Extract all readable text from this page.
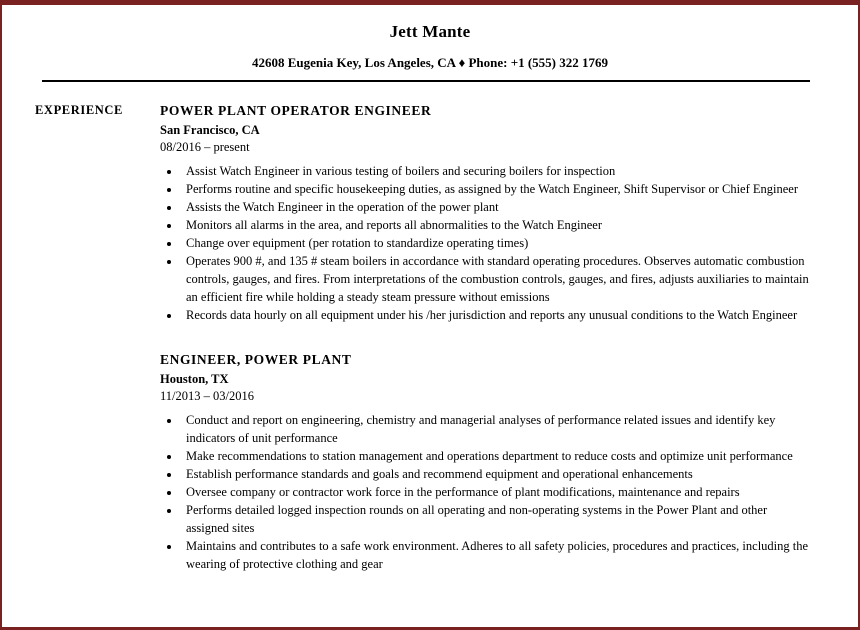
Jett Mante
42608 Eugenia Key, Los Angeles, CA ♦ Phone: +1 (555) 322 1769
EXPERIENCE	POWER PLANT OPERATOR ENGINEER
San Francisco, CA
08/2016 – present
• Assist Watch Engineer in various testing of boilers and securing boilers for inspection
• Performs routine and specific housekeeping duties, as assigned by the Watch Engineer, Shift Supervisor or Chief Engineer
• Assists the Watch Engineer in the operation of the power plant
• Monitors all alarms in the area, and reports all abnormalities to the Watch Engineer
• Change over equipment (per rotation to standardize operating times)
• Operates 900 #, and 135 # steam boilers in accordance with standard operating procedures. Observes automatic combustion controls, gauges, and fires. From interpretations of the combustion controls, gauges, and fires, adjusts auxiliaries to maintain an efficient fire while holding a steady steam pressure without emissions
• Records data hourly on all equipment under his /her jurisdiction and reports any unusual conditions to the Watch Engineer
ENGINEER, POWER PLANT
Houston, TX
11/2013 – 03/2016
• Conduct and report on engineering, chemistry and managerial analyses of performance related issues and identify key indicators of unit performance
• Make recommendations to station management and operations department to reduce costs and optimize unit performance
• Establish performance standards and goals and recommend equipment and operational enhancements
• Oversee company or contractor work force in the performance of plant modifications, maintenance and repairs
• Performs detailed logged inspection rounds on all operating and non-operating systems in the Power Plant and other assigned sites
• Maintains and contributes to a safe work environment. Adheres to all safety policies, procedures and practices, including the wearing of protective clothing and gear
